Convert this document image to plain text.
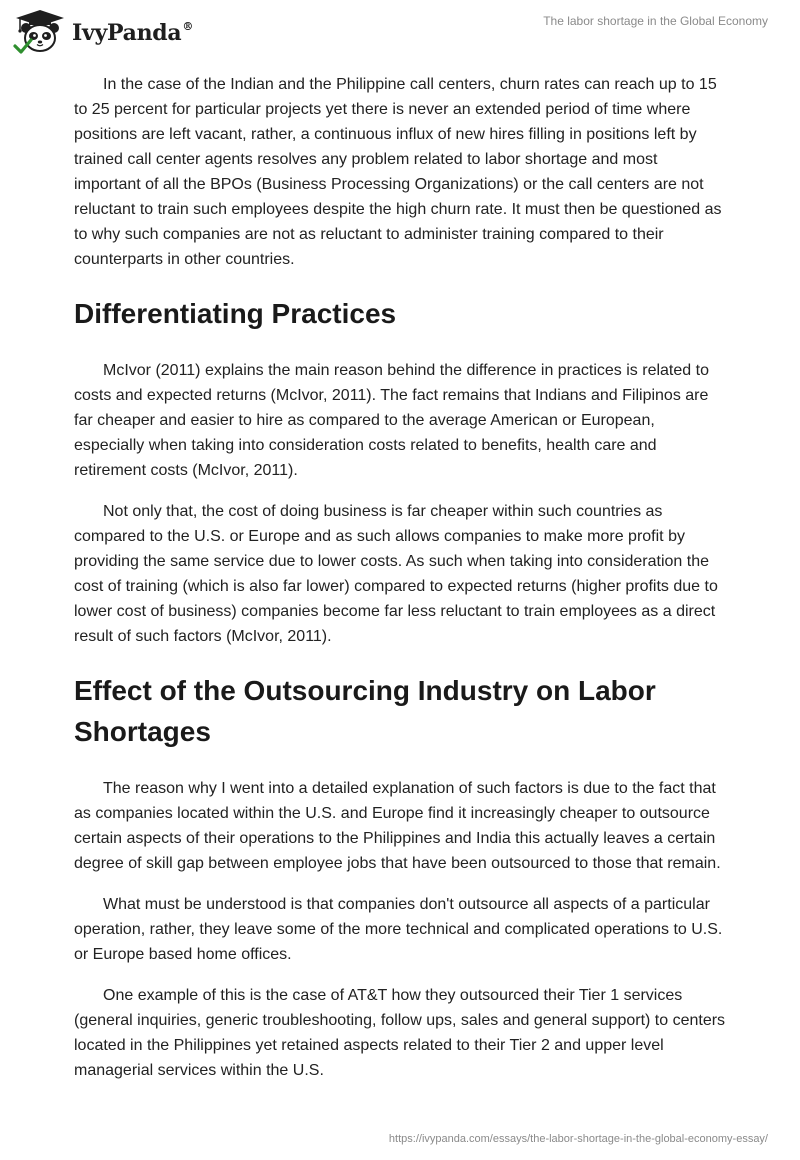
IvyPanda®	The labor shortage in the Global Economy

In the case of the Indian and the Philippine call centers, churn rates can reach up to 15 to 25 percent for particular projects yet there is never an extended period of time where positions are left vacant, rather, a continuous influx of new hires filling in positions left by trained call center agents resolves any problem related to labor shortage and most important of all the BPOs (Business Processing Organizations) or the call centers are not reluctant to train such employees despite the high churn rate. It must then be questioned as to why such companies are not as reluctant to administer training compared to their counterparts in other countries.

Differentiating Practices

McIvor (2011) explains the main reason behind the difference in practices is related to costs and expected returns (McIvor, 2011). The fact remains that Indians and Filipinos are far cheaper and easier to hire as compared to the average American or European, especially when taking into consideration costs related to benefits, health care and retirement costs (McIvor, 2011).

Not only that, the cost of doing business is far cheaper within such countries as compared to the U.S. or Europe and as such allows companies to make more profit by providing the same service due to lower costs. As such when taking into consideration the cost of training (which is also far lower) compared to expected returns (higher profits due to lower cost of business) companies become far less reluctant to train employees as a direct result of such factors (McIvor, 2011).

Effect of the Outsourcing Industry on Labor Shortages

The reason why I went into a detailed explanation of such factors is due to the fact that as companies located within the U.S. and Europe find it increasingly cheaper to outsource certain aspects of their operations to the Philippines and India this actually leaves a certain degree of skill gap between employee jobs that have been outsourced to those that remain.

What must be understood is that companies don't outsource all aspects of a particular operation, rather, they leave some of the more technical and complicated operations to U.S. or Europe based home offices.

One example of this is the case of AT&T how they outsourced their Tier 1 services (general inquiries, generic troubleshooting, follow ups, sales and general support) to centers located in the Philippines yet retained aspects related to their Tier 2 and upper level managerial services within the U.S.

https://ivypanda.com/essays/the-labor-shortage-in-the-global-economy-essay/
